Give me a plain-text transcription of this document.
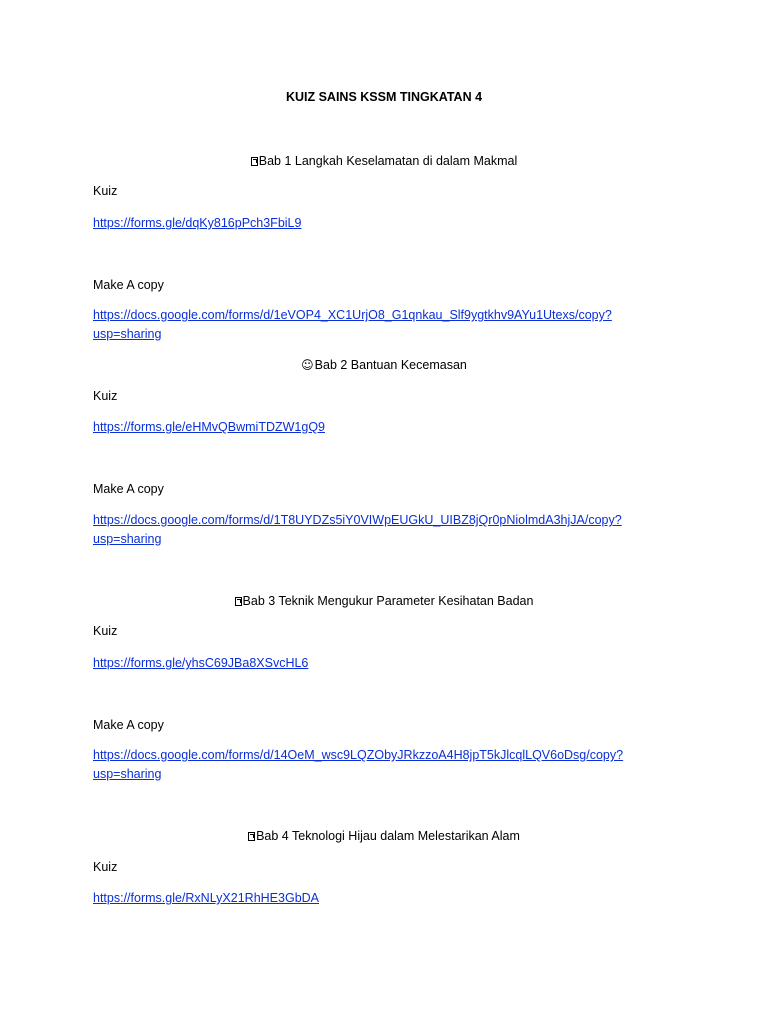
KUIZ SAINS KSSM TINGKATAN 4
Bab 1 Langkah Keselamatan di dalam Makmal
Kuiz
https://forms.gle/dqKy816pPch3FbiL9
Make A copy
https://docs.google.com/forms/d/1eVOP4_XC1UrjO8_G1qnkau_Slf9ygtkhv9AYu1Utexs/copy?
usp=sharing
☺Bab 2 Bantuan Kecemasan
Kuiz
https://forms.gle/eHMvQBwmiTDZW1gQ9
Make A copy
https://docs.google.com/forms/d/1T8UYDZs5iY0VIWpEUGkU_UIBZ8jQr0pNiolmdA3hjJA/copy?
usp=sharing
Bab 3 Teknik Mengukur Parameter Kesihatan Badan
Kuiz
https://forms.gle/yhsC69JBa8XSvcHL6
Make A copy
https://docs.google.com/forms/d/14OeM_wsc9LQZObyJRkzzoA4H8jpT5kJlcqlLQV6oDsg/copy?
usp=sharing
Bab 4 Teknologi Hijau dalam Melestarikan Alam
Kuiz
https://forms.gle/RxNLyX21RhHE3GbDA
